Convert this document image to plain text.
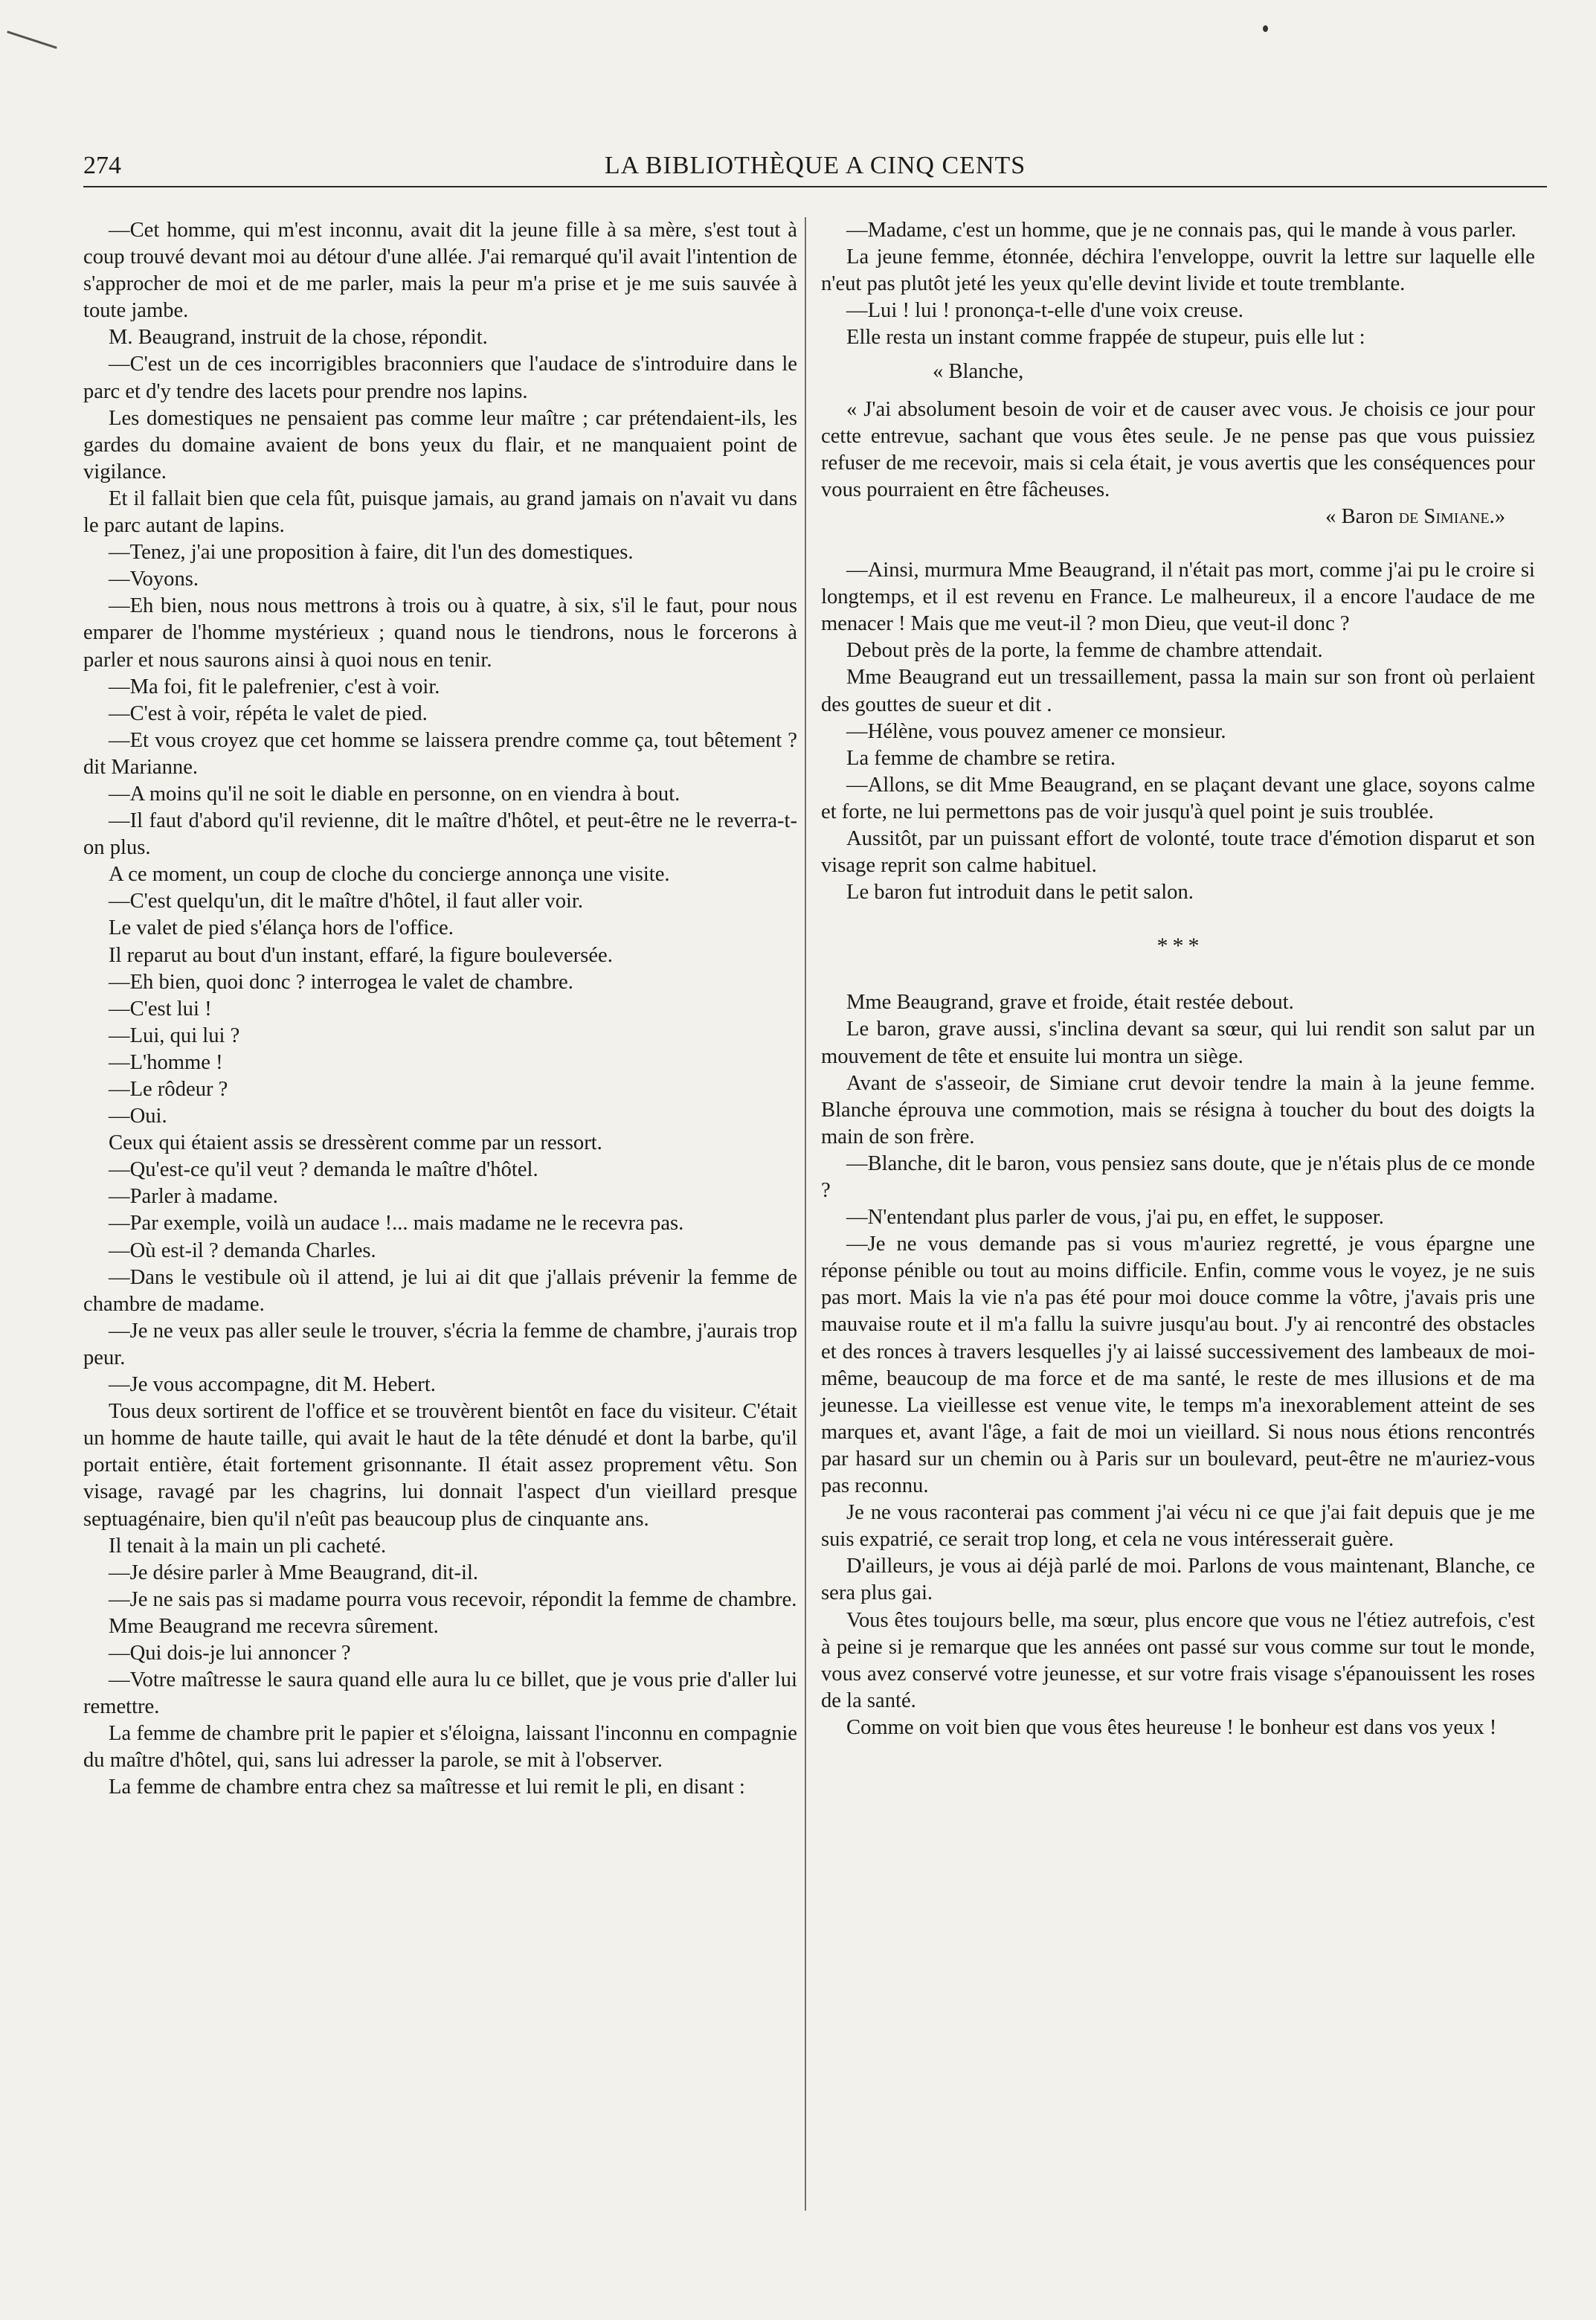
274	LA BIBLIOTHÈQUE A CINQ CENTS

—Cet homme, qui m'est inconnu, avait dit la jeune fille à sa mère, s'est tout à coup trouvé devant moi au détour d'une allée. J'ai remarqué qu'il avait l'intention de s'approcher de moi et de me parler, mais la peur m'a prise et je me suis sauvée à toute jambe.

M. Beaugrand, instruit de la chose, répondit.

—C'est un de ces incorrigibles braconniers que l'audace de s'introduire dans le parc et d'y tendre des lacets pour prendre nos lapins.

Les domestiques ne pensaient pas comme leur maître ; car prétendaient-ils, les gardes du domaine avaient de bons yeux du flair, et ne manquaient point de vigilance.

Et il fallait bien que cela fût, puisque jamais, au grand jamais on n'avait vu dans le parc autant de lapins.

—Tenez, j'ai une proposition à faire, dit l'un des domestiques.

—Voyons.

—Eh bien, nous nous mettrons à trois ou à quatre, à six, s'il le faut, pour nous emparer de l'homme mystérieux ; quand nous le tiendrons, nous le forcerons à parler et nous saurons ainsi à quoi nous en tenir.

—Ma foi, fit le palefrenier, c'est à voir.

—C'est à voir, répéta le valet de pied.

—Et vous croyez que cet homme se laissera prendre comme ça, tout bêtement ? dit Marianne.

—A moins qu'il ne soit le diable en personne, on en viendra à bout.

—Il faut d'abord qu'il revienne, dit le maître d'hôtel, et peut-être ne le reverra-t-on plus.

A ce moment, un coup de cloche du concierge annonça une visite.

—C'est quelqu'un, dit le maître d'hôtel, il faut aller voir.

Le valet de pied s'élança hors de l'office.

Il reparut au bout d'un instant, effaré, la figure bouleversée.

—Eh bien, quoi donc ? interrogea le valet de chambre.

—C'est lui !

—Lui, qui lui ?

—L'homme !

—Le rôdeur ?

—Oui.

Ceux qui étaient assis se dressèrent comme par un ressort.

—Qu'est-ce qu'il veut ? demanda le maître d'hôtel.

—Parler à madame.

—Par exemple, voilà un audace !... mais madame ne le recevra pas.

—Où est-il ? demanda Charles.

—Dans le vestibule où il attend, je lui ai dit que j'allais prévenir la femme de chambre de madame.

—Je ne veux pas aller seule le trouver, s'écria la femme de chambre, j'aurais trop peur.

—Je vous accompagne, dit M. Hebert.

Tous deux sortirent de l'office et se trouvèrent bientôt en face du visiteur. C'était un homme de haute taille, qui avait le haut de la tête dénudé et dont la barbe, qu'il portait entière, était fortement grisonnante. Il était assez proprement vêtu. Son visage, ravagé par les chagrins, lui donnait l'aspect d'un vieillard presque septuagénaire, bien qu'il n'eût pas beaucoup plus de cinquante ans.

Il tenait à la main un pli cacheté.

—Je désire parler à Mme Beaugrand, dit-il.

—Je ne sais pas si madame pourra vous recevoir, répondit la femme de chambre.

Mme Beaugrand me recevra sûrement.

—Qui dois-je lui annoncer ?

—Votre maîtresse le saura quand elle aura lu ce billet, que je vous prie d'aller lui remettre.

La femme de chambre prit le papier et s'éloigna, laissant l'inconnu en compagnie du maître d'hôtel, qui, sans lui adresser la parole, se mit à l'observer.

La femme de chambre entra chez sa maîtresse et lui remit le pli, en disant :

—Madame, c'est un homme, que je ne connais pas, qui le mande à vous parler.

La jeune femme, étonnée, déchira l'enveloppe, ouvrit la lettre sur laquelle elle n'eut pas plutôt jeté les yeux qu'elle devint livide et toute tremblante.

—Lui ! lui ! prononça-t-elle d'une voix creuse.

Elle resta un instant comme frappée de stupeur, puis elle lut :

« Blanche,

« J'ai absolument besoin de voir et de causer avec vous. Je choisis ce jour pour cette entrevue, sachant que vous êtes seule. Je ne pense pas que vous puissiez refuser de me recevoir, mais si cela était, je vous avertis que les conséquences pour vous pourraient en être fâcheuses.

« Baron de Simiane.»

—Ainsi, murmura Mme Beaugrand, il n'était pas mort, comme j'ai pu le croire si longtemps, et il est revenu en France. Le malheureux, il a encore l'audace de me menacer ! Mais que me veut-il ? mon Dieu, que veut-il donc ?

Debout près de la porte, la femme de chambre attendait.

Mme Beaugrand eut un tressaillement, passa la main sur son front où perlaient des gouttes de sueur et dit .

—Hélène, vous pouvez amener ce monsieur.

La femme de chambre se retira.

—Allons, se dit Mme Beaugrand, en se plaçant devant une glace, soyons calme et forte, ne lui permettons pas de voir jusqu'à quel point je suis troublée.

Aussitôt, par un puissant effort de volonté, toute trace d'émotion disparut et son visage reprit son calme habituel.

Le baron fut introduit dans le petit salon.

* * *

Mme Beaugrand, grave et froide, était restée debout.

Le baron, grave aussi, s'inclina devant sa sœur, qui lui rendit son salut par un mouvement de tête et ensuite lui montra un siège.

Avant de s'asseoir, de Simiane crut devoir tendre la main à la jeune femme. Blanche éprouva une commotion, mais se résigna à toucher du bout des doigts la main de son frère.

—Blanche, dit le baron, vous pensiez sans doute, que je n'étais plus de ce monde ?

—N'entendant plus parler de vous, j'ai pu, en effet, le supposer.

—Je ne vous demande pas si vous m'auriez regretté, je vous épargne une réponse pénible ou tout au moins difficile. Enfin, comme vous le voyez, je ne suis pas mort. Mais la vie n'a pas été pour moi douce comme la vôtre, j'avais pris une mauvaise route et il m'a fallu la suivre jusqu'au bout. J'y ai rencontré des obstacles et des ronces à travers lesquelles j'y ai laissé successivement des lambeaux de moi-même, beaucoup de ma force et de ma santé, le reste de mes illusions et de ma jeunesse. La vieillesse est venue vite, le temps m'a inexorablement atteint de ses marques et, avant l'âge, a fait de moi un vieillard. Si nous nous étions rencontrés par hasard sur un chemin ou à Paris sur un boulevard, peut-être ne m'auriez-vous pas reconnu.

Je ne vous raconterai pas comment j'ai vécu ni ce que j'ai fait depuis que je me suis expatrié, ce serait trop long, et cela ne vous intéresserait guère.

D'ailleurs, je vous ai déjà parlé de moi. Parlons de vous maintenant, Blanche, ce sera plus gai.

Vous êtes toujours belle, ma sœur, plus encore que vous ne l'étiez autrefois, c'est à peine si je remarque que les années ont passé sur vous comme sur tout le monde, vous avez conservé votre jeunesse, et sur votre frais visage s'épanouissent les roses de la santé.

Comme on voit bien que vous êtes heureuse ! le bonheur est dans vos yeux !
